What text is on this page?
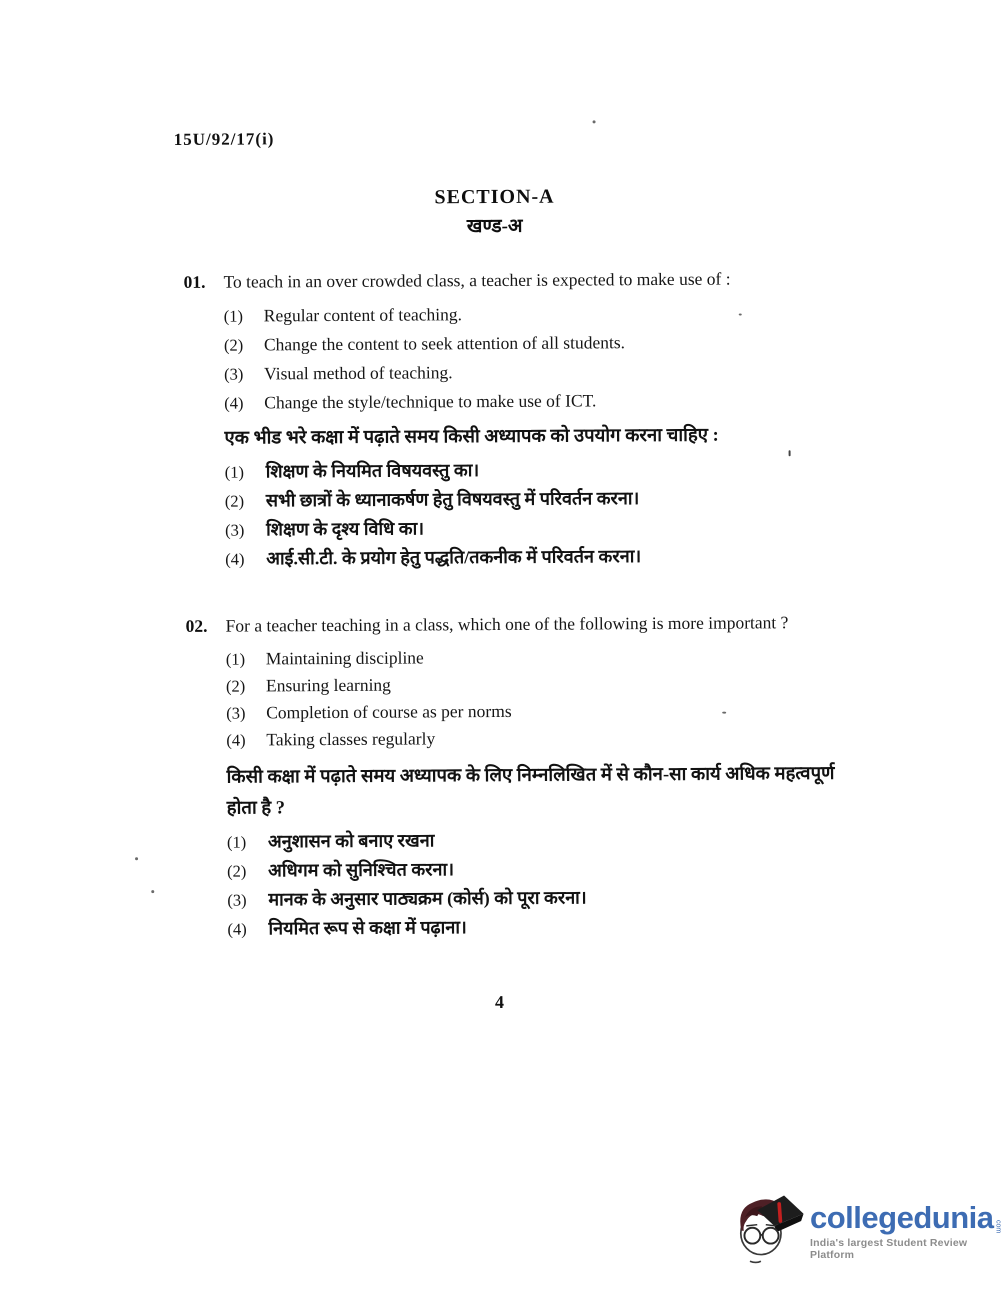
15U/92/17(i)
SECTION-A
खण्ड-अ
01.	To teach in an over crowded class, a teacher is expected to make use of :
(1)	Regular content of teaching.
(2)	Change the content to seek attention of all students.
(3)	Visual method of teaching.
(4)	Change the style/technique to make use of ICT.
एक भीड भरे कक्षा में पढ़ाते समय किसी अध्यापक को उपयोग करना चाहिए :
(1)	शिक्षण के नियमित विषयवस्तु का।
(2)	सभी छात्रों के ध्यानाकर्षण हेतु विषयवस्तु में परिवर्तन करना।
(3)	शिक्षण के दृश्य विधि का।
(4)	आई.सी.टी. के प्रयोग हेतु पद्धति/तकनीक में परिवर्तन करना।
02.	For a teacher teaching in a class, which one of the following is more important ?
(1)	Maintaining discipline
(2)	Ensuring learning
(3)	Completion of course as per norms
(4)	Taking classes regularly
किसी कक्षा में पढ़ाते समय अध्यापक के लिए निम्नलिखित में से कौन-सा कार्य अधिक महत्वपूर्ण होता है ?
(1)	अनुशासन को बनाए रखना
(2)	अधिगम को सुनिश्चित करना।
(3)	मानक के अनुसार पाठ्यक्रम (कोर्स) को पूरा करना।
(4)	नियमित रूप से कक्षा में पढ़ाना।
4
collegedunia com
India's largest Student Review Platform
